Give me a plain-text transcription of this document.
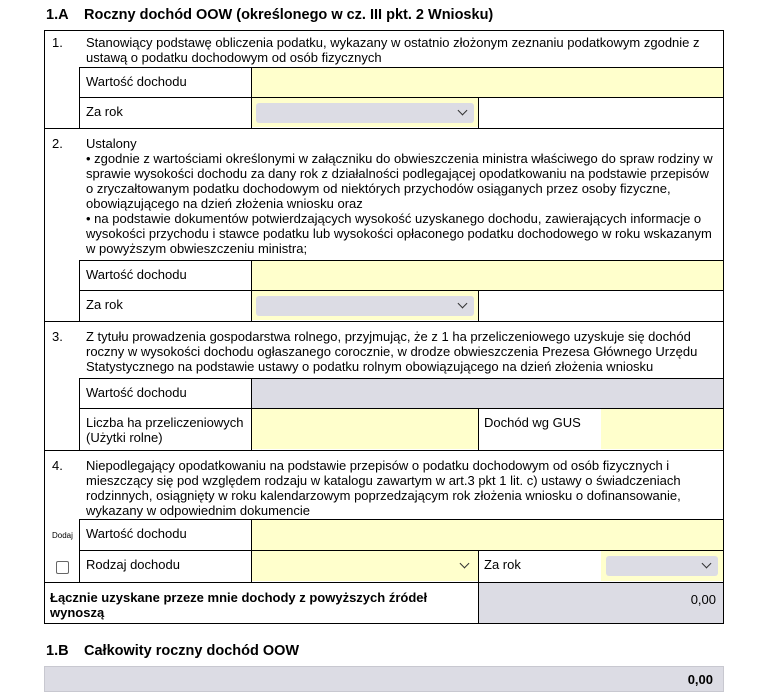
1.A Roczny dochód OOW (określonego w cz. III pkt. 2 Wniosku)
1. Stanowiący podstawę obliczenia podatku, wykazany w ostatnio złożonym zeznaniu podatkowym zgodnie z
ustawą o podatku dochodowym od osób fizycznych
Wartość dochodu
Za rok
2. Ustalony
• zgodnie z wartościami określonymi w załączniku do obwieszczenia ministra właściwego do spraw rodziny w
sprawie wysokości dochodu za dany rok z działalności podlegającej opodatkowaniu na podstawie przepisów
o zryczałtowanym podatku dochodowym od niektórych przychodów osiąganych przez osoby fizyczne,
obowiązującego na dzień złożenia wniosku oraz
• na podstawie dokumentów potwierdzających wysokość uzyskanego dochodu, zawierających informacje o
wysokości przychodu i stawce podatku lub wysokości opłaconego podatku dochodowego w roku wskazanym
w powyższym obwieszczeniu ministra;
Wartość dochodu
Za rok
3. Z tytułu prowadzenia gospodarstwa rolnego, przyjmując, że z 1 ha przeliczeniowego uzyskuje się dochód
roczny w wysokości dochodu ogłaszanego corocznie, w drodze obwieszczenia Prezesa Głównego Urzędu
Statystycznego na podstawie ustawy o podatku rolnym obowiązującego na dzień złożenia wniosku
Wartość dochodu
Liczba ha przeliczeniowych
(Użytki rolne)
Dochód wg GUS
4. Niepodlegający opodatkowaniu na podstawie przepisów o podatku dochodowym od osób fizycznych i
mieszczący się pod względem rodzaju w katalogu zawartym w art.3 pkt 1 lit. c) ustawy o świadczeniach
rodzinnych, osiągnięty w roku kalendarzowym poprzedzającym rok złożenia wniosku o dofinansowanie,
wykazany w odpowiednim dokumencie
Dodaj Wartość dochodu
Rodzaj dochodu	Za rok
Łącznie uzyskane przeze mnie dochody z powyższych źródeł
wynoszą
0,00
1.B Całkowity roczny dochód OOW
0,00
